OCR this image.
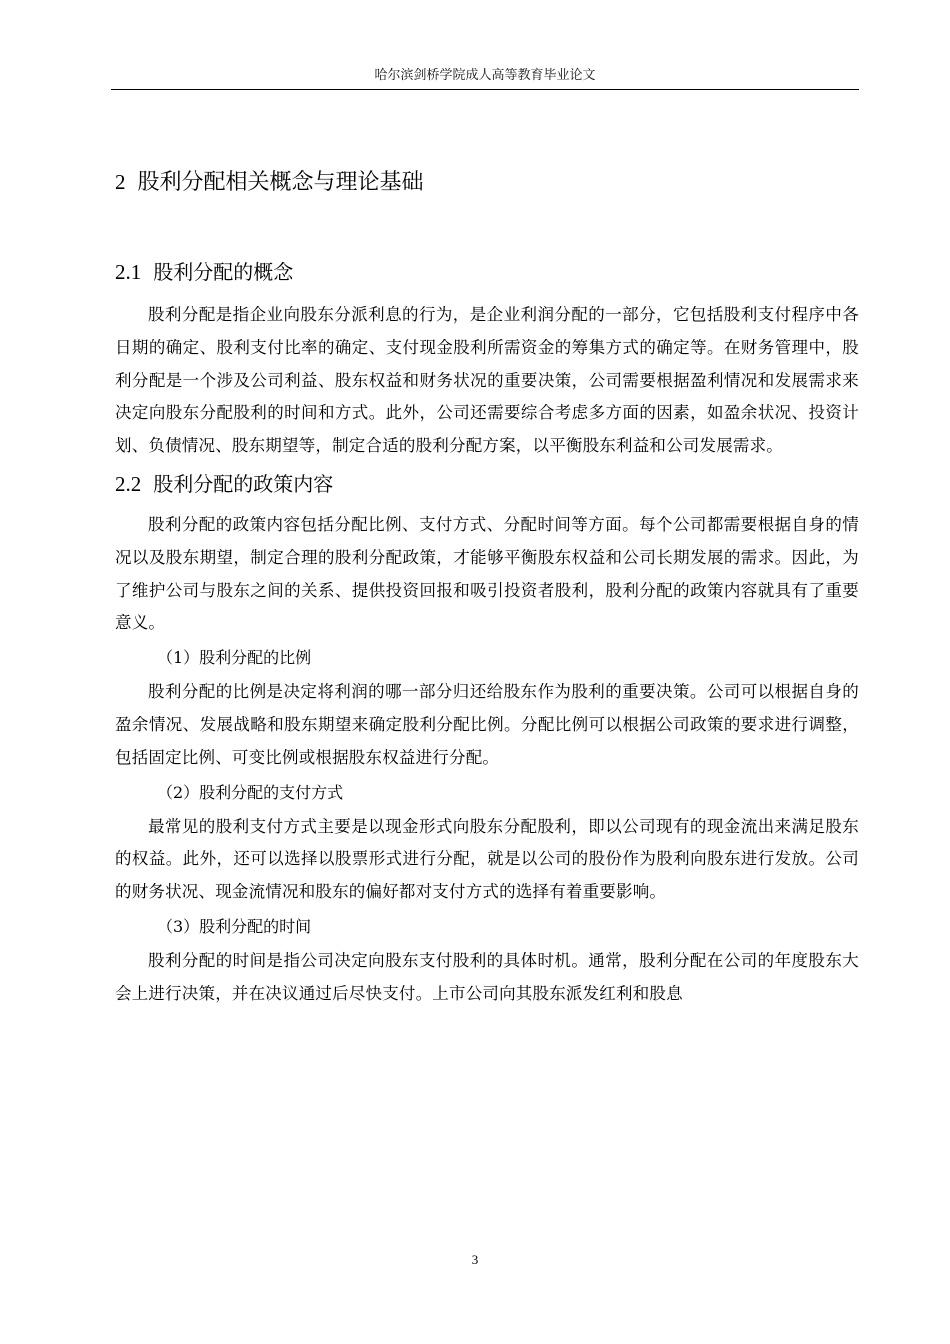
哈尔滨剑桥学院成人高等教育毕业论文
2 股利分配相关概念与理论基础
2.1 股利分配的概念

股利分配是指企业向股东分派利息的行为，是企业利润分配的一部分，它包括股利支付程序中各日期的确定、股利支付比率的确定、支付现金股利所需资金的筹集方式的确定等。在财务管理中，股利分配是一个涉及公司利益、股东权益和财务状况的重要决策，公司需要根据盈利情况和发展需求来决定向股东分配股利的时间和方式。此外，公司还需要综合考虑多方面的因素，如盈余状况、投资计划、负债情况、股东期望等，制定合适的股利分配方案，以平衡股东利益和公司发展需求。

2.2 股利分配的政策内容

股利分配的政策内容包括分配比例、支付方式、分配时间等方面。每个公司都需要根据自身的情况以及股东期望，制定合理的股利分配政策，才能够平衡股东权益和公司长期发展的需求。因此，为了维护公司与股东之间的关系、提供投资回报和吸引投资者股利，股利分配的政策内容就具有了重要意义。

（1）股利分配的比例

股利分配的比例是决定将利润的哪一部分归还给股东作为股利的重要决策。公司可以根据自身的盈余情况、发展战略和股东期望来确定股利分配比例。分配比例可以根据公司政策的要求进行调整，包括固定比例、可变比例或根据股东权益进行分配。

（2）股利分配的支付方式

最常见的股利支付方式主要是以现金形式向股东分配股利，即以公司现有的现金流出来满足股东的权益。此外，还可以选择以股票形式进行分配，就是以公司的股份作为股利向股东进行发放。公司的财务状况、现金流情况和股东的偏好都对支付方式的选择有着重要影响。

（3）股利分配的时间

股利分配的时间是指公司决定向股东支付股利的具体时机。通常，股利分配在公司的年度股东大会上进行决策，并在决议通过后尽快支付。上市公司向其股东派发红利和股息

3
